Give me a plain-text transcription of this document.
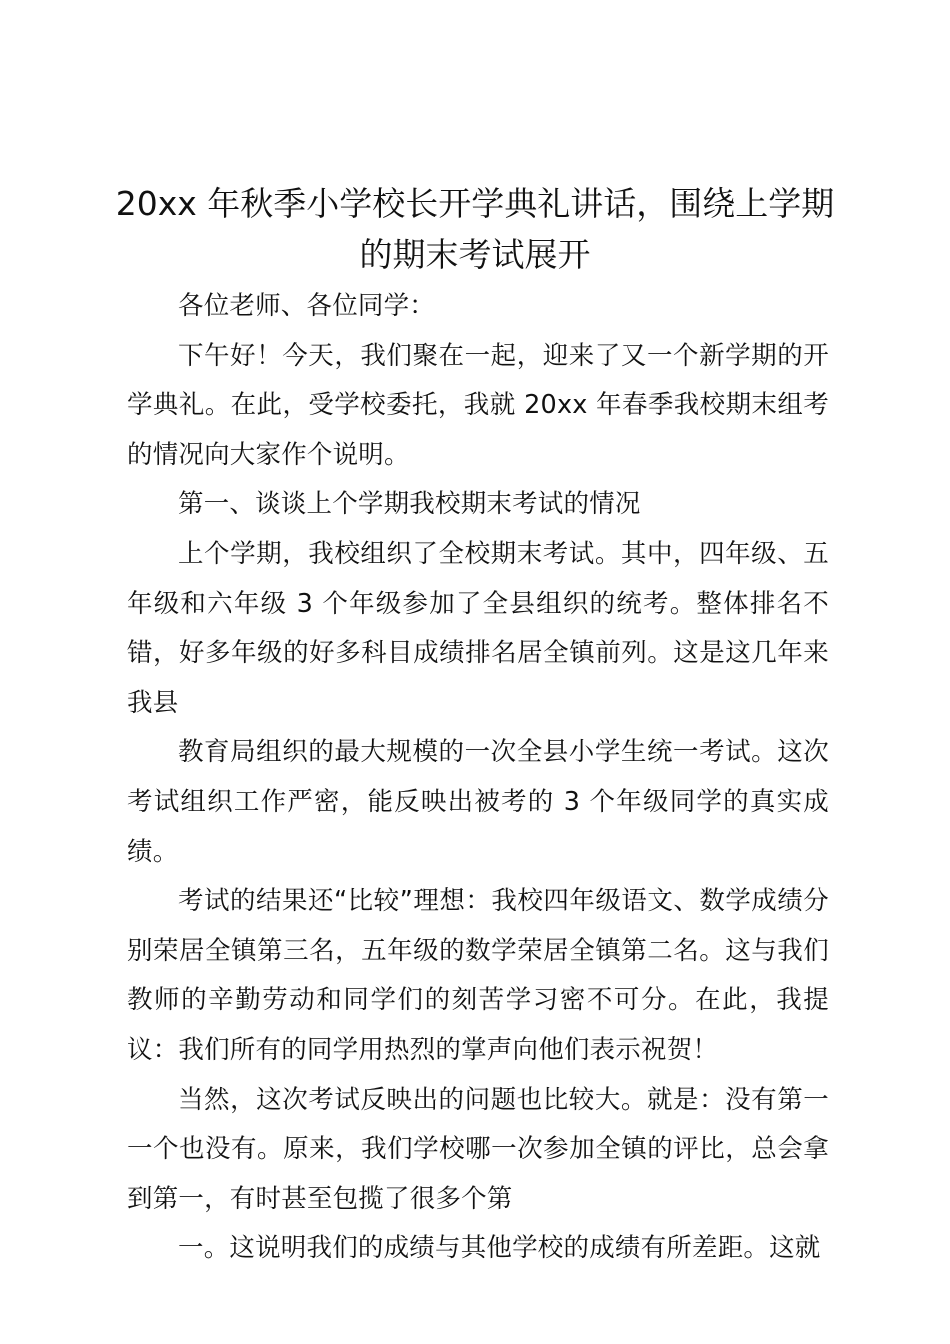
20xx 年秋季小学校长开学典礼讲话，围绕上学期的期末考试展开

各位老师、各位同学：

下午好！今天，我们聚在一起，迎来了又一个新学期的开学典礼。在此，受学校委托，我就 20xx 年春季我校期末组考的情况向大家作个说明。

第一、谈谈上个学期我校期末考试的情况

上个学期，我校组织了全校期末考试。其中，四年级、五年级和六年级 3 个年级参加了全县组织的统考。整体排名不错，好多年级的好多科目成绩排名居全镇前列。这是这几年来我县

教育局组织的最大规模的一次全县小学生统一考试。这次考试组织工作严密，能反映出被考的 3 个年级同学的真实成绩。

考试的结果还“比较”理想：我校四年级语文、数学成绩分别荣居全镇第三名，五年级的数学荣居全镇第二名。这与我们教师的辛勤劳动和同学们的刻苦学习密不可分。在此，我提议：我们所有的同学用热烈的掌声向他们表示祝贺！

当然，这次考试反映出的问题也比较大。就是：没有第一一个也没有。原来，我们学校哪一次参加全镇的评比，总会拿到第一，有时甚至包揽了很多个第

一。这说明我们的成绩与其他学校的成绩有所差距。这就
